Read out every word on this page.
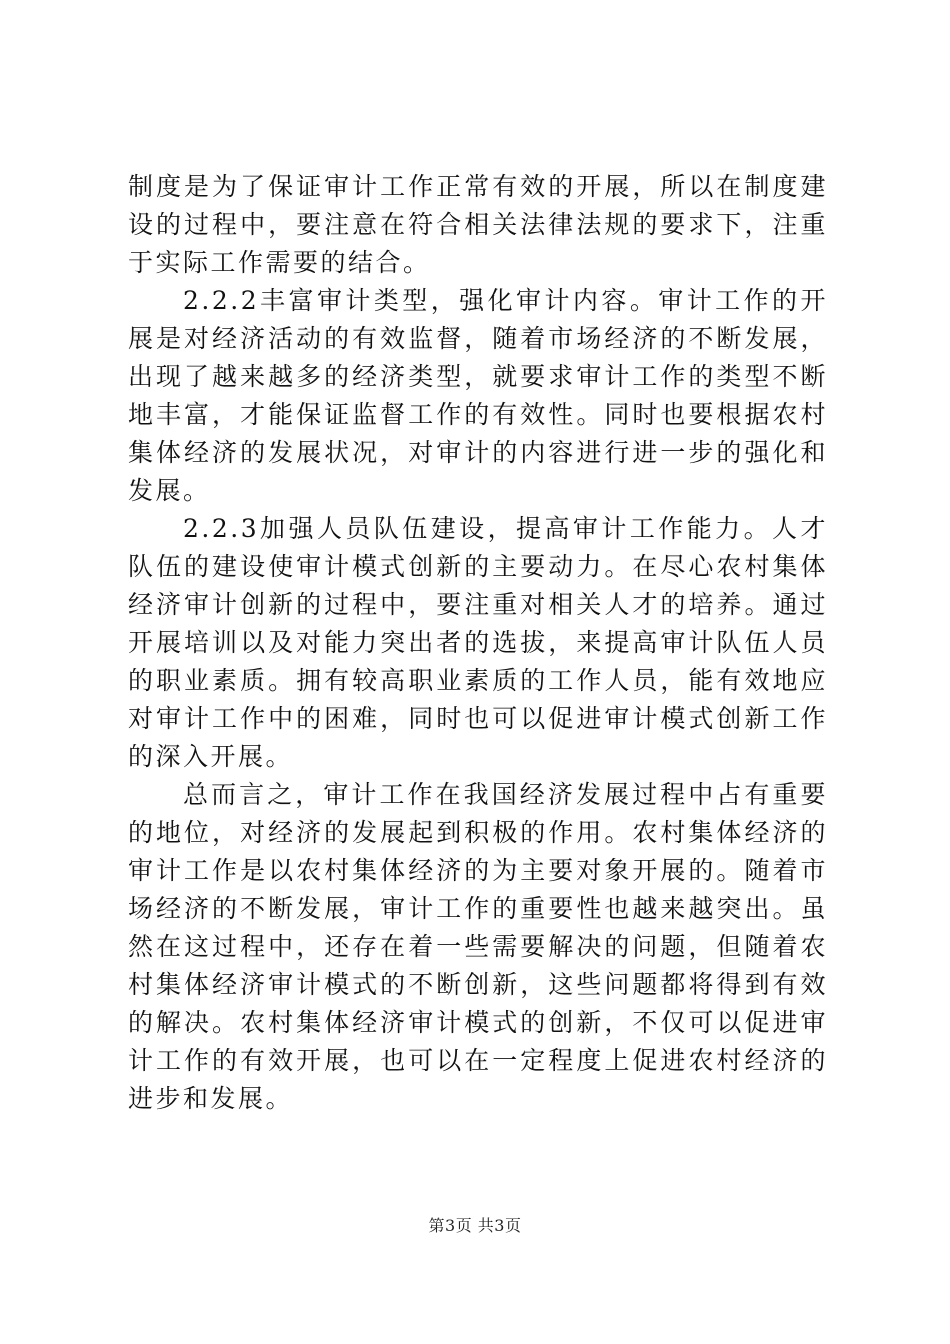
制度是为了保证审计工作正常有效的开展，所以在制度建设的过程中，要注意在符合相关法律法规的要求下，注重于实际工作需要的结合。

2.2.2丰富审计类型，强化审计内容。审计工作的开展是对经济活动的有效监督，随着市场经济的不断发展，出现了越来越多的经济类型，就要求审计工作的类型不断地丰富，才能保证监督工作的有效性。同时也要根据农村集体经济的发展状况，对审计的内容进行进一步的强化和发展。

2.2.3加强人员队伍建设，提高审计工作能力。人才队伍的建设使审计模式创新的主要动力。在尽心农村集体经济审计创新的过程中，要注重对相关人才的培养。通过开展培训以及对能力突出者的选拔，来提高审计队伍人员的职业素质。拥有较高职业素质的工作人员，能有效地应对审计工作中的困难，同时也可以促进审计模式创新工作的深入开展。

总而言之，审计工作在我国经济发展过程中占有重要的地位，对经济的发展起到积极的作用。农村集体经济的审计工作是以农村集体经济的为主要对象开展的。随着市场经济的不断发展，审计工作的重要性也越来越突出。虽然在这过程中，还存在着一些需要解决的问题，但随着农村集体经济审计模式的不断创新，这些问题都将得到有效的解决。农村集体经济审计模式的创新，不仅可以促进审计工作的有效开展，也可以在一定程度上促进农村经济的进步和发展。

第3页 共3页
